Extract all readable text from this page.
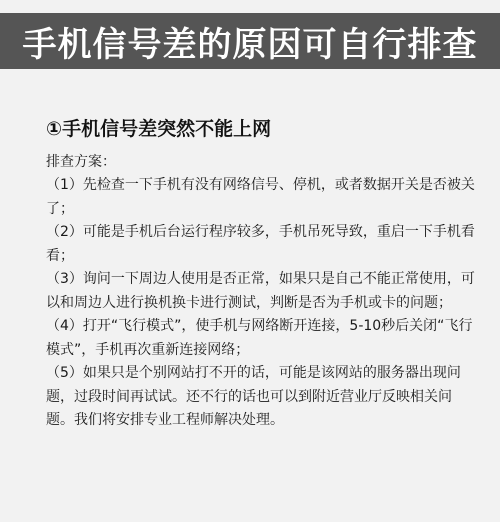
手机信号差的原因可自行排查
①手机信号差突然不能上网
排查方案：

（1）先检查一下手机有没有网络信号、停机，或者数据开关是否被关了；

（2）可能是手机后台运行程序较多，手机吊死导致，重启一下手机看看；

（3）询问一下周边人使用是否正常，如果只是自己不能正常使用，可以和周边人进行换机换卡进行测试，判断是否为手机或卡的问题；

（4）打开“飞行模式”，使手机与网络断开连接，5-10秒后关闭“飞行模式”，手机再次重新连接网络；

（5）如果只是个别网站打不开的话，可能是该网站的服务器出现问题，过段时间再试试。还不行的话也可以到附近营业厅反映相关问题。我们将安排专业工程师解决处理。
